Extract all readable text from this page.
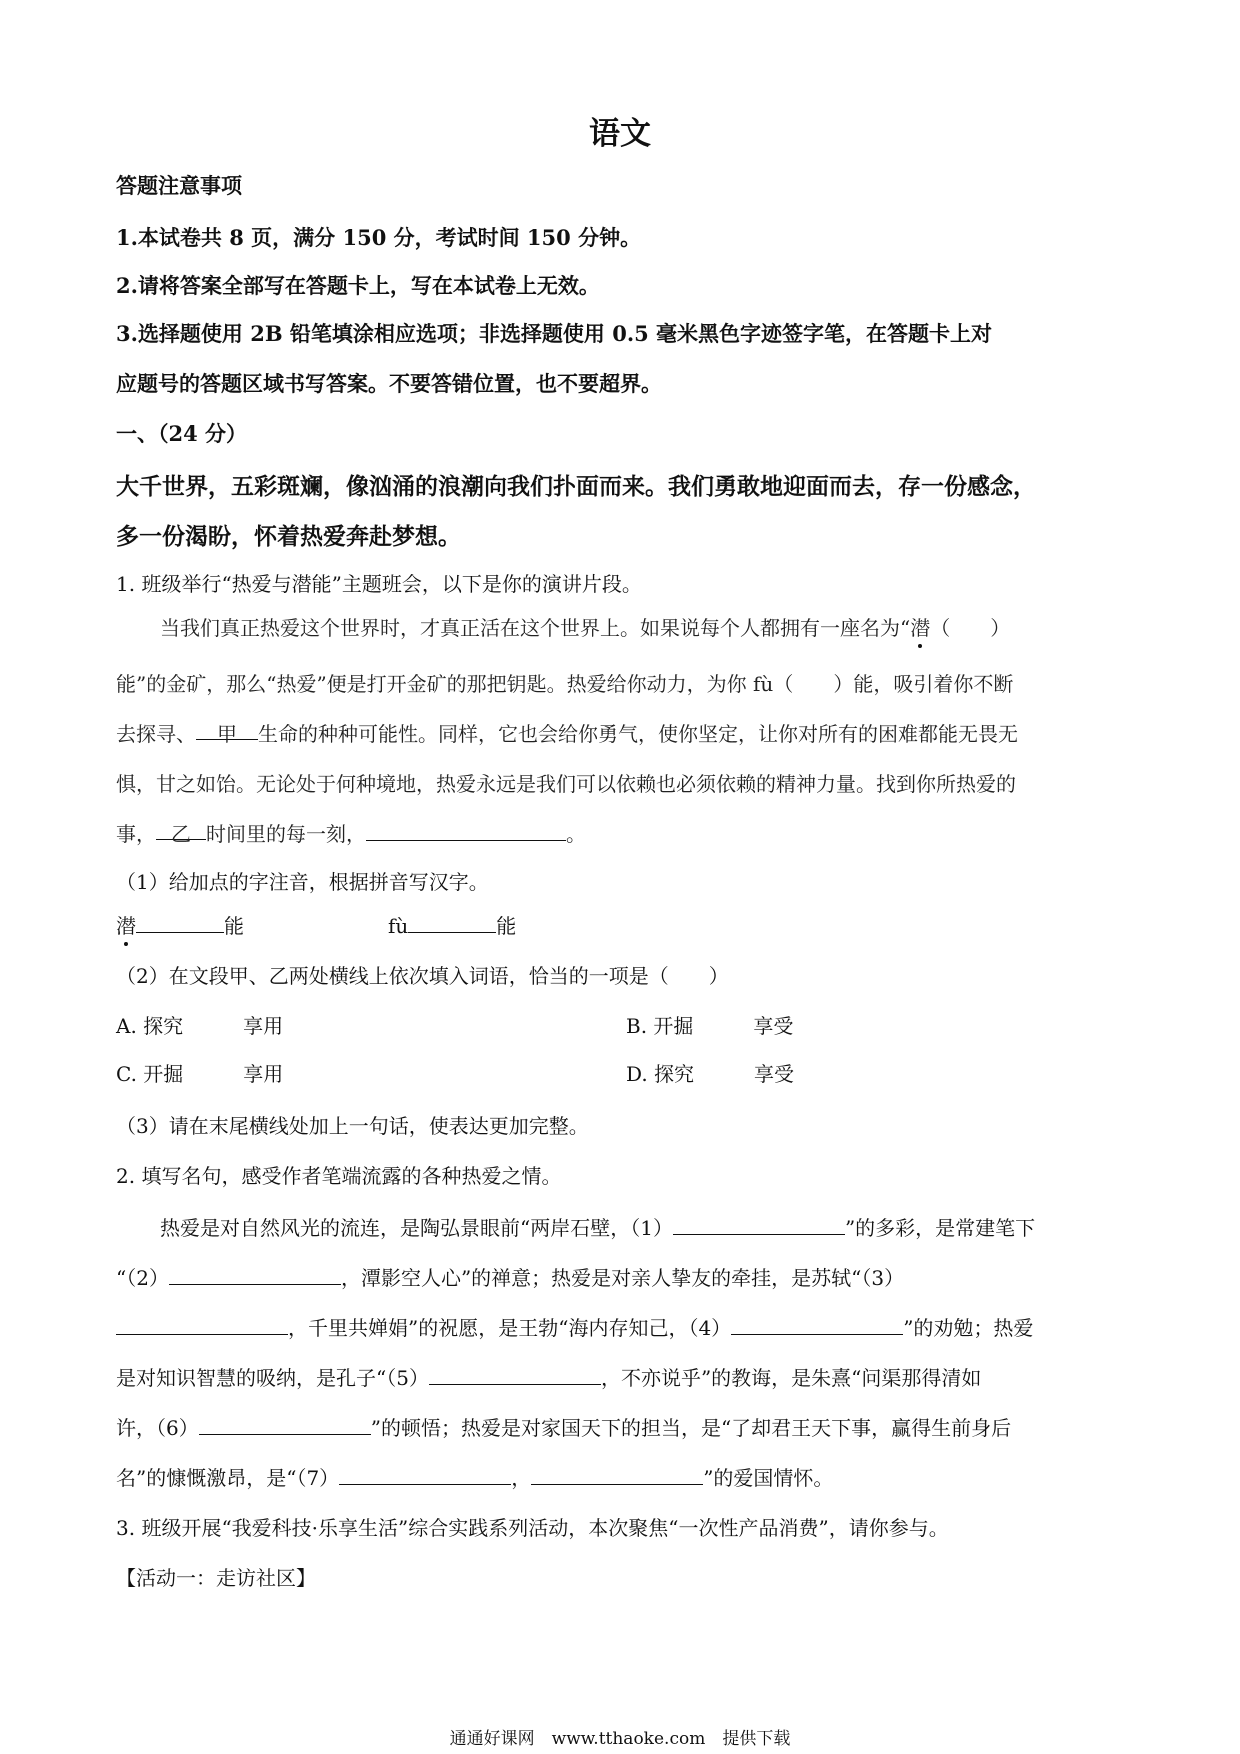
语文
答题注意事项
1.本试卷共 8 页，满分 150 分，考试时间 150 分钟。
2.请将答案全部写在答题卡上，写在本试卷上无效。
3.选择题使用 2B 铅笔填涂相应选项；非选择题使用 0.5 毫米黑色字迹签字笔，在答题卡上对
应题号的答题区域书写答案。不要答错位置，也不要超界。
一、（24 分）
大千世界，五彩斑斓，像汹涌的浪潮向我们扑面而来。我们勇敢地迎面而去，存一份感念，
多一份渴盼，怀着热爱奔赴梦想。
1. 班级举行“热爱与潜能”主题班会，以下是你的演讲片段。
当我们真正热爱这个世界时，才真正活在这个世界上。如果说每个人都拥有一座名为“潜（　　）
能”的金矿，那么“热爱”便是打开金矿的那把钥匙。热爱给你动力，为你 fù（　　）能，吸引着你不断
去探寻、 甲 生命的种种可能性。同样，它也会给你勇气，使你坚定，让你对所有的困难都能无畏无
惧，甘之如饴。无论处于何种境地，热爱永远是我们可以依赖也必须依赖的精神力量。找到你所热爱的
事， 乙 时间里的每一刻，	。
（1）给加点的字注音，根据拼音写汉字。
潜	能	fù	能
（2）在文段甲、乙两处横线上依次填入词语，恰当的一项是（　　）
A. 探究　　　享用	B. 开掘　　　享受
C. 开掘　　　享用	D. 探究　　　享受
（3）请在末尾横线处加上一句话，使表达更加完整。
2. 填写名句，感受作者笔端流露的各种热爱之情。
热爱是对自然风光的流连，是陶弘景眼前“两岸石壁，（1）	”的多彩，是常建笔下
“（2）	，潭影空人心”的禅意；热爱是对亲人挚友的牵挂，是苏轼“（3）
，千里共婵娟”的祝愿，是王勃“海内存知己，（4）	”的劝勉；热爱
是对知识智慧的吸纳，是孔子“（5）	，不亦说乎”的教诲，是朱熹“问渠那得清如
许，（6）	”的顿悟；热爱是对家国天下的担当，是“了却君王天下事，赢得生前身后
名”的慷慨激昂，是“（7）	，	”的爱国情怀。
3. 班级开展“我爱科技·乐享生活”综合实践系列活动，本次聚焦“一次性产品消费”，请你参与。
【活动一：走访社区】
通通好课网　www.tthaoke.com　提供下载
